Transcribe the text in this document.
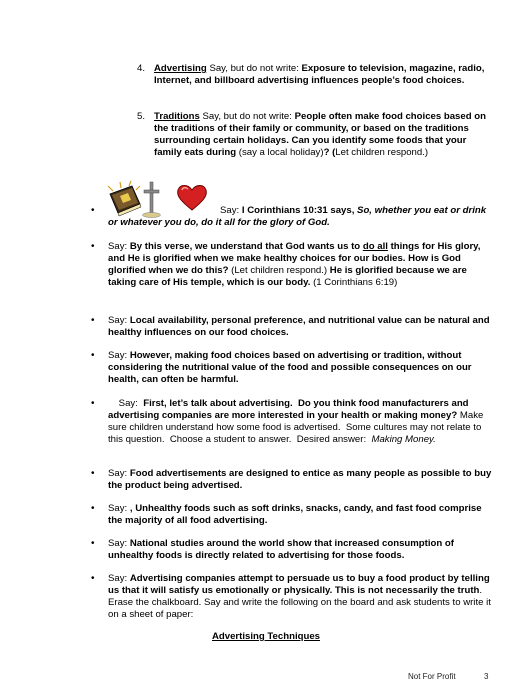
4. Advertising Say, but do not write: Exposure to television, magazine, radio, Internet, and billboard advertising influences people’s food choices.
5. Traditions Say, but do not write: People often make food choices based on the traditions of their family or community, or based on the traditions surrounding certain holidays. Can you identify some foods that your family eats during (say a local holiday)? (Let children respond.)
•	Say: I Corinthians 10:31 says, So, whether you eat or drink or whatever you do, do it all for the glory of God.
• Say: By this verse, we understand that God wants us to do all things for His glory, and He is glorified when we make healthy choices for our bodies. How is God glorified when we do this? (Let children respond.) He is glorified because we are taking care of His temple, which is our body. (1 Corinthians 6:19)
• Say: Local availability, personal preference, and nutritional value can be natural and healthy influences on our food choices.
• Say: However, making food choices based on advertising or tradition, without considering the nutritional value of the food and possible consequences on our health, can often be harmful.
• Say:  First, let’s talk about advertising.  Do you think food manufacturers and advertising companies are more interested in your health or making money? Make sure children understand how some food is advertised.  Some cultures may not relate to this question.  Choose a student to answer.  Desired answer:  Making Money.
• Say: Food advertisements are designed to entice as many people as possible to buy the product being advertised.
• Say: , Unhealthy foods such as soft drinks, snacks, candy, and fast food comprise the majority of all food advertising.
• Say: National studies around the world show that increased consumption of unhealthy foods is directly related to advertising for those foods.
• Say: Advertising companies attempt to persuade us to buy a food product by telling us that it will satisfy us emotionally or physically. This is not necessarily the truth. Erase the chalkboard. Say and write the following on the board and ask students to write it on a sheet of paper:
Advertising Techniques
Not For Profit	3
